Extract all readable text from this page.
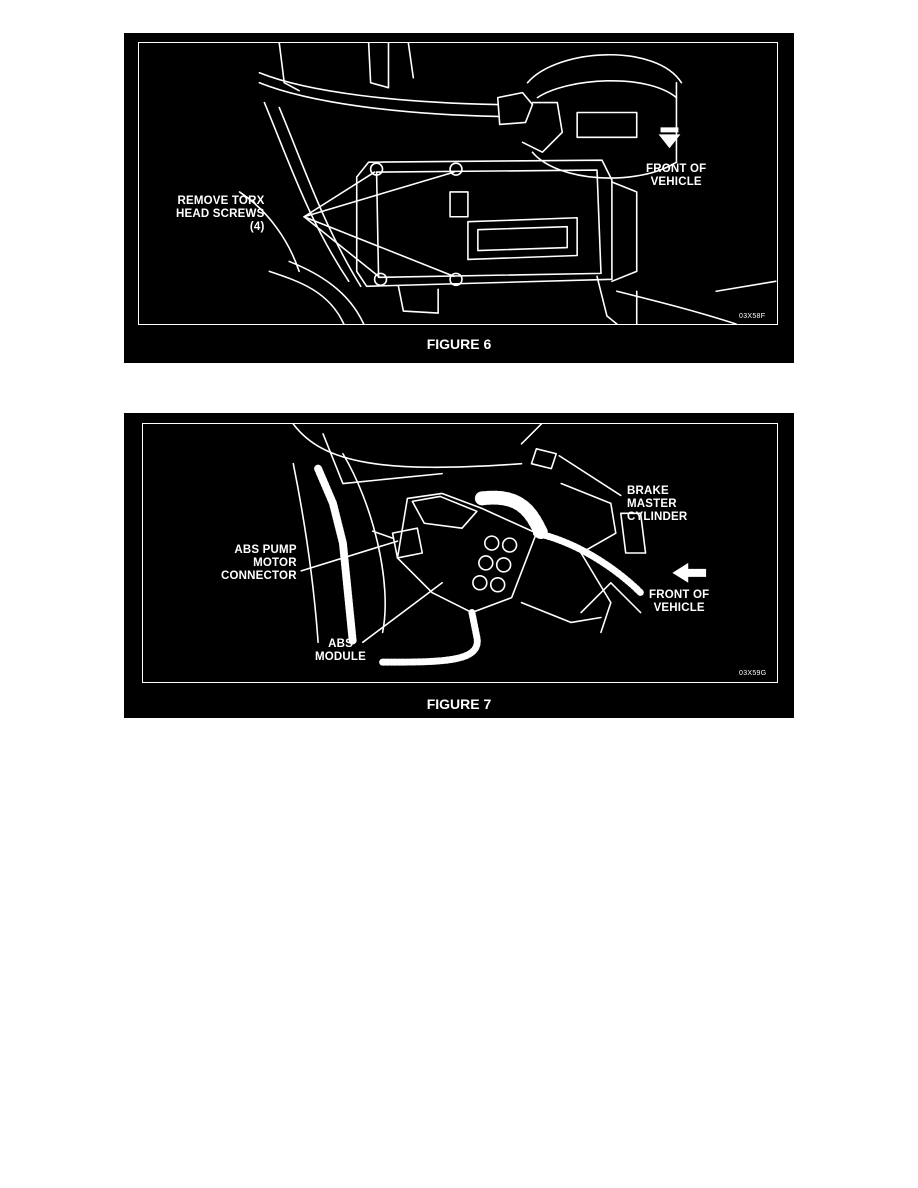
REMOVE TORX
HEAD SCREWS
(4)
FRONT OF
VEHICLE
03X58F
FIGURE 6
BRAKE
MASTER
CYLINDER
ABS PUMP
MOTOR
CONNECTOR
ABS
MODULE
FRONT OF
VEHICLE
03X59G
FIGURE 7
